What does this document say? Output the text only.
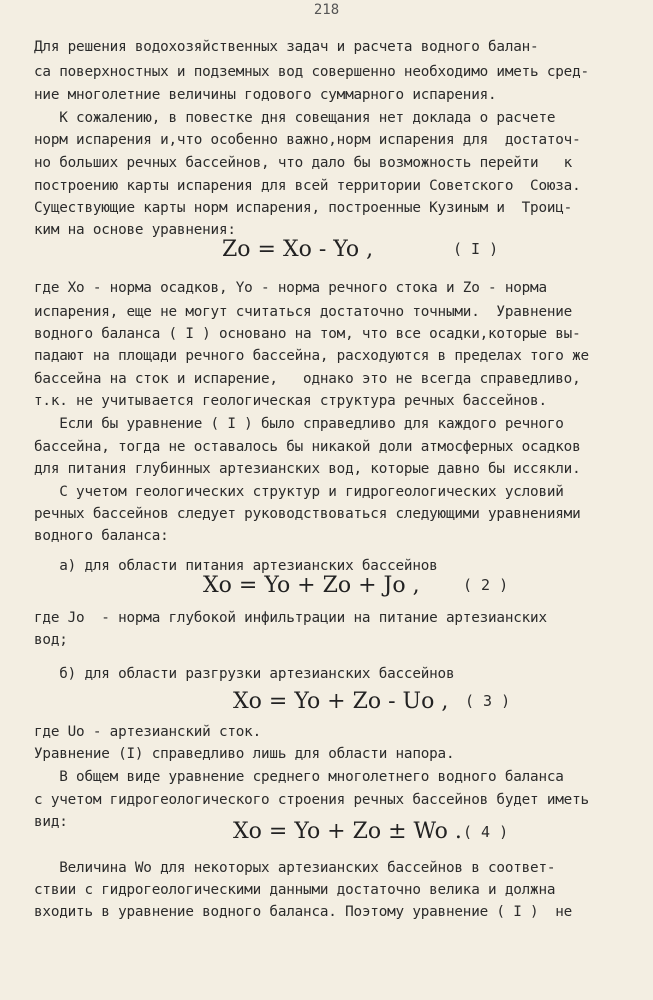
218
Для решения водохозяйственных задач и расчета водного балан-
са поверхностных и подземных вод совершенно необходимо иметь сред-
ние многолетние величины годового суммарного испарения.
К сожалению, в повестке дня совещания нет доклада о расчете
норм испарения и,что особенно важно,норм испарения для  достаточ-
но больших речных бассейнов, что дало бы возможность перейти   к
построению карты испарения для всей территории Советского  Союза.
Существующие карты норм испарения, построенные Кузиным и  Троиц-
ким на основе уравнения:
Zo = Xo - Yo ,	( I )
где Xo - норма осадков, Yo - норма речного стока и Zo - норма
испарения, еще не могут считаться достаточно точными.  Уравнение
водного баланса ( I ) основано на том, что все осадки,которые вы-
падают на площади речного бассейна, расходуются в пределах того же
бассейна на сток и испарение,   однако это не всегда справедливо,
т.к. не учитывается геологическая структура речных бассейнов.
Если бы уравнение ( I ) было справедливо для каждого речного
бассейна, тогда не оставалось бы никакой доли атмосферных осадков
для питания глубинных артезианских вод, которые давно бы иссякли.
С учетом геологических структур и гидрогеологических условий
речных бассейнов следует руководствоваться следующими уравнениями
водного баланса:
а) для области питания артезианских бассейнов
Xo = Yo + Zo + Jo ,	( 2 )
где Jo  - норма глубокой инфильтрации на питание артезианских
вод;
б) для области разгрузки артезианских бассейнов
Xo = Yo + Zo - Uo , ( 3 )
где Uo - артезианский сток.
Уравнение (I) справедливо лишь для области напора.
В общем виде уравнение среднего многолетнего водного баланса
с учетом гидрогеологического строения речных бассейнов будет иметь
вид:	Xo = Yo + Zo ± Wo . ( 4 )
Величина Wo для некоторых артезианских бассейнов в соответ-
ствии с гидрогеологическими данными достаточно велика и должна
входить в уравнение водного баланса. Поэтому уравнение ( I )  не
